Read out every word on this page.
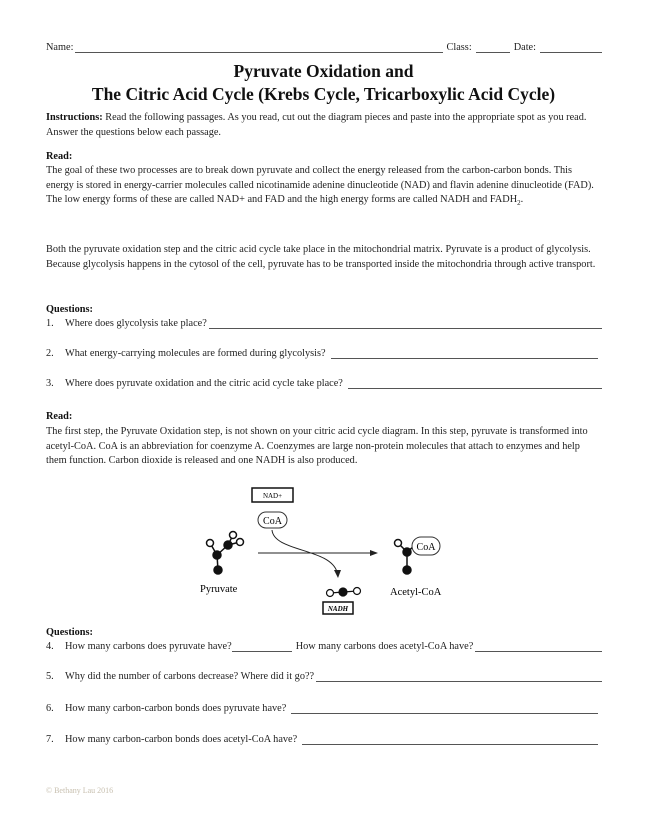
Name:	Class:	Date:
Pyruvate Oxidation and
The Citric Acid Cycle (Krebs Cycle, Tricarboxylic Acid Cycle)
Instructions: Read the following passages. As you read, cut out the diagram pieces and paste into the appropriate spot as you read. Answer the questions below each passage.
Read:
The goal of these two processes are to break down pyruvate and collect the energy released from the carbon-carbon bonds. This energy is stored in energy-carrier molecules called nicotinamide adenine dinucleotide (NAD) and flavin adenine dinucleotide (FAD). The low energy forms of these are called NAD+ and FAD and the high energy forms are called NADH and $FADH_2$.
Both the pyruvate oxidation step and the citric acid cycle take place in the mitochondrial matrix. Pyruvate is a product of glycolysis. Because glycolysis happens in the cytosol of the cell, pyruvate has to be transported inside the mitochondria through active transport.
Questions:
1.	Where does glycolysis take place?
2.	What energy-carrying molecules are formed during glycolysis?
3.	Where does pyruvate oxidation and the citric acid cycle take place?
Read:
The first step, the Pyruvate Oxidation step, is not shown on your citric acid cycle diagram. In this step, pyruvate is transformed into acetyl-CoA. CoA is an abbreviation for coenzyme A. Coenzymes are large non-protein molecules that attach to enzymes and help them function. Carbon dioxide is released and one NADH is also produced.
NAD+
CoA
Pyruvate
NADH
CoA
Acetyl-CoA
Questions:
4.	How many carbons does pyruvate have?	How many carbons does acetyl-CoA have?
5.	Why did the number of carbons decrease? Where did it go??
6.	How many carbon-carbon bonds does pyruvate have?
7.	How many carbon-carbon bonds does acetyl-CoA have?
© Bethany Lau 2016
